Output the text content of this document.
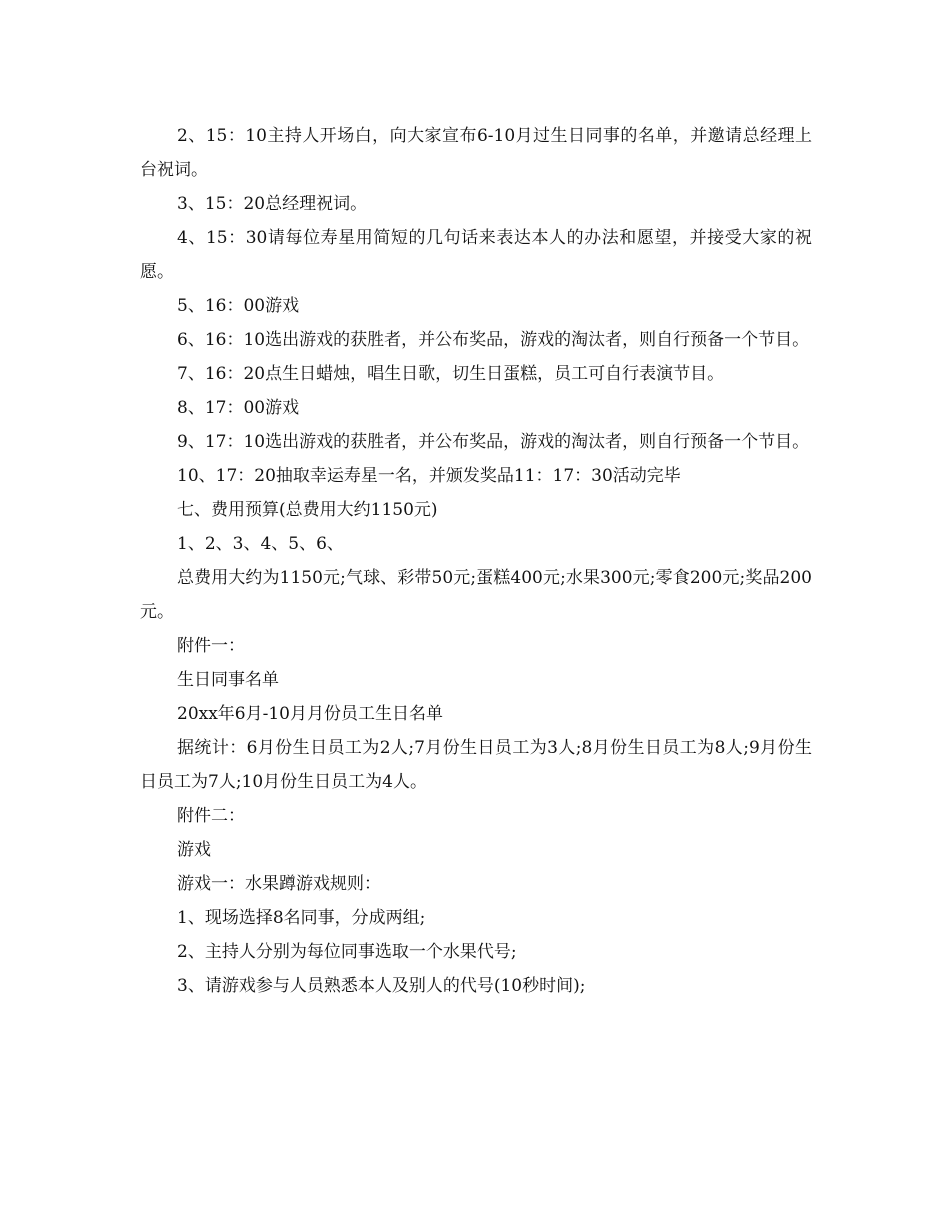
2、15：10主持人开场白，向大家宣布6-10月过生日同事的名单，并邀请总经理上台祝词。

3、15：20总经理祝词。

4、15：30请每位寿星用简短的几句话来表达本人的办法和愿望，并接受大家的祝愿。

5、16：00游戏

6、16：10选出游戏的获胜者，并公布奖品，游戏的淘汰者，则自行预备一个节目。

7、16：20点生日蜡烛，唱生日歌，切生日蛋糕，员工可自行表演节目。

8、17：00游戏

9、17：10选出游戏的获胜者，并公布奖品，游戏的淘汰者，则自行预备一个节目。

10、17：20抽取幸运寿星一名，并颁发奖品11：17：30活动完毕

七、费用预算(总费用大约1150元)

1、2、3、4、5、6、

总费用大约为1150元;气球、彩带50元;蛋糕400元;水果300元;零食200元;奖品200元。

附件一：

生日同事名单

20xx年6月-10月月份员工生日名单

据统计：6月份生日员工为2人;7月份生日员工为3人;8月份生日员工为8人;9月份生日员工为7人;10月份生日员工为4人。

附件二：

游戏

游戏一：水果蹲游戏规则：

1、现场选择8名同事，分成两组;

2、主持人分别为每位同事选取一个水果代号;

3、请游戏参与人员熟悉本人及别人的代号(10秒时间);
